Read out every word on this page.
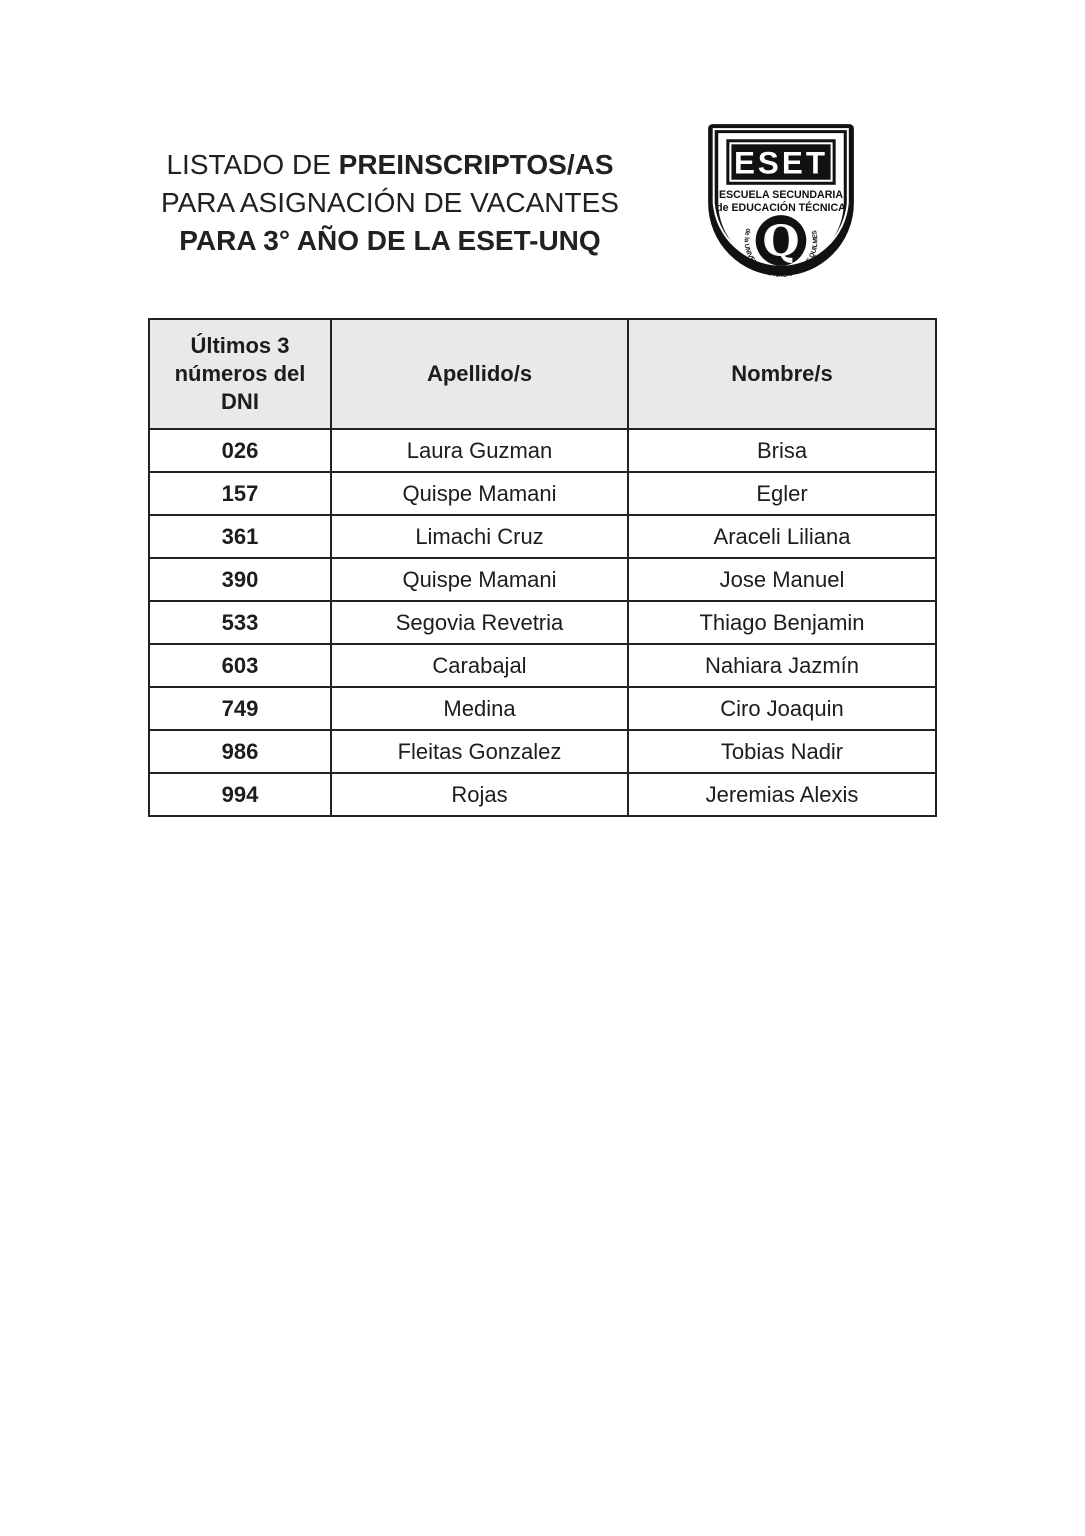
LISTADO DE PREINSCRIPTOS/AS
PARA ASIGNACIÓN DE VACANTES
PARA 3° AÑO DE LA ESET-UNQ
ESET
ESCUELA SECUNDARIA
de EDUCACIÓN TÉCNICA
Q
de la UNIVERSIDAD NACIONAL DE QUILMES
Últimos 3 números del DNI	Apellido/s	Nombre/s
026	Laura Guzman	Brisa
157	Quispe Mamani	Egler
361	Limachi Cruz	Araceli Liliana
390	Quispe Mamani	Jose Manuel
533	Segovia Revetria	Thiago Benjamin
603	Carabajal	Nahiara Jazmín
749	Medina	Ciro Joaquin
986	Fleitas Gonzalez	Tobias Nadir
994	Rojas	Jeremias Alexis
